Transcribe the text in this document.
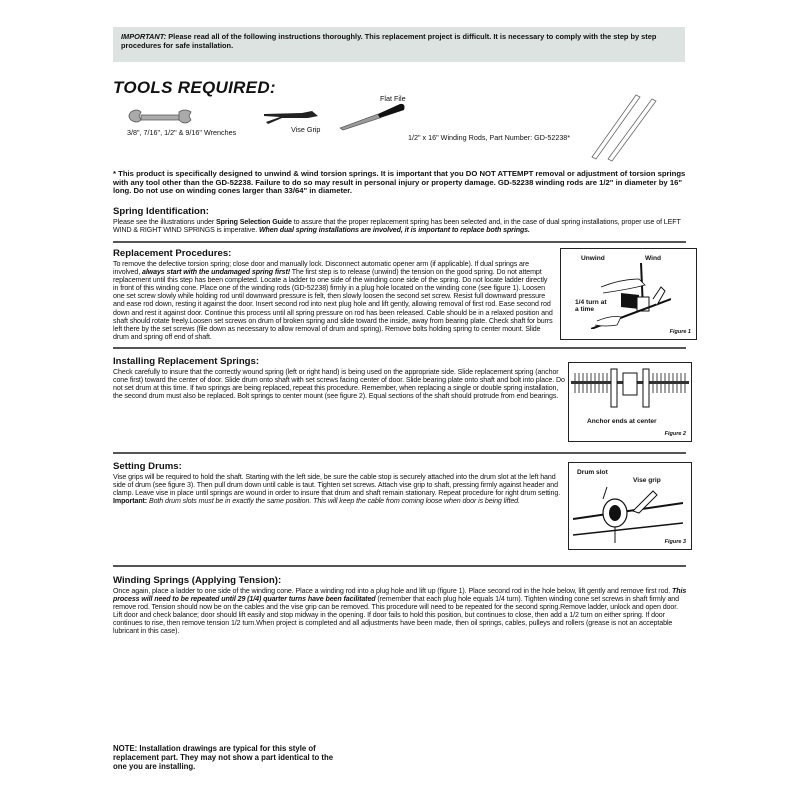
IMPORTANT: Please read all of the following instructions thoroughly. This replacement project is difficult. It is necessary to comply with the step by step procedures for safe installation.
TOOLS REQUIRED:
3/8", 7/16", 1/2" & 9/16" Wrenches	Vise Grip
Flat File
1/2" x 16" Winding Rods, Part Number: GD-52238*
* This product is specifically designed to unwind & wind torsion springs. It is important that you DO NOT ATTEMPT removal or adjustment of torsion springs with any tool other than the GD-52238. Failure to do so may result in personal injury or property damage. GD-52238 winding rods are 1/2" in diameter by 16" long. Do not use on winding cones larger than 33/64" in diameter.
Spring Identification:

Please see the illustrations under Spring Selection Guide to assure that the proper replacement spring has been selected and, in the case of dual spring installations, proper use of LEFT WIND & RIGHT WIND SPRINGS is imperative. When dual spring installations are involved, it is important to replace both springs.

Replacement Procedures:

To remove the defective torsion spring; close door and manually lock. Disconnect automatic opener arm (if applicable). If dual springs are involved, always start with the undamaged spring first! The first step is to release (unwind) the tension on the good spring. Do not attempt replacement until this step has been completed. Locate a ladder to one side of the winding cone side of the spring. Do not locate ladder directly in front of this winding cone. Place one of the winding rods (GD-52238) firmly in a plug hole located on the winding cone (see figure 1). Loosen one set screw slowly while holding rod until downward pressure is felt, then slowly loosen the second set screw. Resist full downward pressure and ease rod down, resting it against the door. Insert second rod into next plug hole and lift gently, allowing removal of first rod. Ease second rod down and rest it against door. Continue this process until all spring pressure on rod has been released. Cable should be in a relaxed position and shaft should rotate freely.Loosen set screws on drum of broken spring and slide toward the inside, away from bearing plate. Check shaft for burrs left there by the set screws (file down as necessary to allow removal of drum and spring). Remove bolts holding spring to center mount. Slide drum and spring off end of shaft.

Unwind	Wind
1/4 turn at a time
Figure 1
Installing Replacement Springs:

Check carefully to insure that the correctly wound spring (left or right hand) is being used on the appropriate side. Slide replacement spring (anchor cone first) toward the center of door. Slide drum onto shaft with set screws facing center of door. Slide bearing plate onto shaft and bolt into place. Do not set drum at this time. If two springs are being replaced, repeat this procedure. Remember, when replacing a single or double spring installation, the second drum must also be replaced. Bolt springs to center mount (see figure 2). Equal sections of the shaft should protrude from end bearings.

Anchor ends at center
Figure 2
Setting Drums:

Vise grips will be required to hold the shaft. Starting with the left side, be sure the cable stop is securely attached into the drum slot at the left hand side of drum (see figure 3). Then pull drum down until cable is taut. Tighten set screws. Attach vise grip to shaft, pressing firmly against header and clamp. Leave vise in place until springs are wound in order to insure that drum and shaft remain stationary. Repeat procedure for right drum setting.

Important: Both drum slots must be in exactly the same position. This will keep the cable from coming loose when door is being lifted.

Drum slot
Vise grip
Figure 3
Winding Springs (Applying Tension):

Once again, place a ladder to one side of the winding cone. Place a winding rod into a plug hole and lift up (figure 1). Place second rod in the hole below, lift gently and remove first rod. This process will need to be repeated until 29 (1/4) quarter turns have been facilitated (remember that each plug hole equals 1/4 turn). Tighten winding cone set screws in shaft firmly and remove rod. Tension should now be on the cables and the vise grip can be removed. This procedure will need to be repeated for the second spring.Remove ladder, unlock and open door. Lift door and check balance; door should lift easily and stop midway in the opening. If door fails to hold this position, but continues to close, then add a 1/2 turn on either spring. If door continues to rise, then remove tension 1/2 turn.When project is completed and all adjustments have been made, then oil springs, cables, pulleys and rollers (grease is not an acceptable lubricant in this case).

NOTE: Installation drawings are typical for this style of replacement part. They may not show a part identical to the one you are installing.
